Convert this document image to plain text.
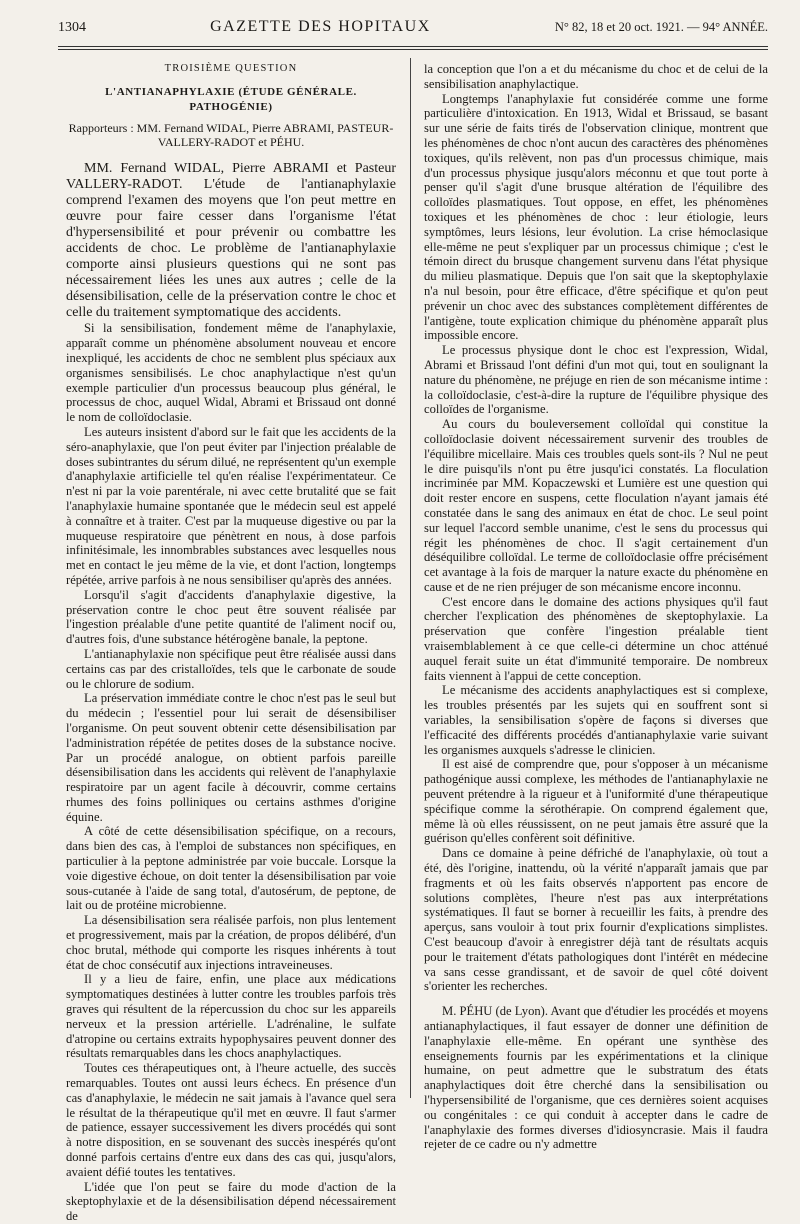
1304	GAZETTE DES HOPITAUX	N° 82, 18 et 20 oct. 1921. — 94° ANNÉE.
TROISIÈME QUESTION
L'ANTIANAPHYLAXIE (ÉTUDE GÉNÉRALE. PATHOGÉNIE)
Rapporteurs : MM. Fernand WIDAL, Pierre ABRAMI, PASTEUR-VALLERY-RADOT et PÉHU.

MM. Fernand WIDAL, Pierre ABRAMI et Pasteur VALLERY-RADOT. L'étude de l'antianaphylaxie comprend l'examen des moyens que l'on peut mettre en œuvre pour faire cesser dans l'organisme l'état d'hypersensibilité et pour prévenir ou combattre les accidents de choc. Le problème de l'antianaphylaxie comporte ainsi plusieurs questions qui ne sont pas nécessairement liées les unes aux autres ; celle de la désensibilisation, celle de la préservation contre le choc et celle du traitement symptomatique des accidents.

Si la sensibilisation, fondement même de l'anaphylaxie, apparaît comme un phénomène absolument nouveau et encore inexpliqué, les accidents de choc ne semblent plus spéciaux aux organismes sensibilisés. Le choc anaphylactique n'est qu'un exemple particulier d'un processus beaucoup plus général, le processus de choc, auquel Widal, Abrami et Brissaud ont donné le nom de colloïdoclasie.

Les auteurs insistent d'abord sur le fait que les accidents de la séro-anaphylaxie, que l'on peut éviter par l'injection préalable de doses subintrantes du sérum dilué, ne représentent qu'un exemple d'anaphylaxie artificielle tel qu'en réalise l'expérimentateur. Ce n'est ni par la voie parentérale, ni avec cette brutalité que se fait l'anaphylaxie humaine spontanée que le médecin seul est appelé à connaître et à traiter. C'est par la muqueuse digestive ou par la muqueuse respiratoire que pénètrent en nous, à dose parfois infinitésimale, les innombrables substances avec lesquelles nous met en contact le jeu même de la vie, et dont l'action, longtemps répétée, arrive parfois à ne nous sensibiliser qu'après des années.

Lorsqu'il s'agit d'accidents d'anaphylaxie digestive, la préservation contre le choc peut être souvent réalisée par l'ingestion préalable d'une petite quantité de l'aliment nocif ou, d'autres fois, d'une substance hétérogène banale, la peptone.

L'antianaphylaxie non spécifique peut être réalisée aussi dans certains cas par des cristalloïdes, tels que le carbonate de soude ou le chlorure de sodium.

La préservation immédiate contre le choc n'est pas le seul but du médecin ; l'essentiel pour lui serait de désensibiliser l'organisme. On peut souvent obtenir cette désensibilisation par l'administration répétée de petites doses de la substance nocive. Par un procédé analogue, on obtient parfois pareille désensibilisation dans les accidents qui relèvent de l'anaphylaxie respiratoire par un agent facile à découvrir, comme certains rhumes des foins polliniques ou certains asthmes d'origine équine.

A côté de cette désensibilisation spécifique, on a recours, dans bien des cas, à l'emploi de substances non spécifiques, en particulier à la peptone administrée par voie buccale. Lorsque la voie digestive échoue, on doit tenter la désensibilisation par voie sous-cutanée à l'aide de sang total, d'autosérum, de peptone, de lait ou de protéine microbienne.

La désensibilisation sera réalisée parfois, non plus lentement et progressivement, mais par la création, de propos délibéré, d'un choc brutal, méthode qui comporte les risques inhérents à tout état de choc consécutif aux injections intraveineuses.

Il y a lieu de faire, enfin, une place aux médications symptomatiques destinées à lutter contre les troubles parfois très graves qui résultent de la répercussion du choc sur les appareils nerveux et la pression artérielle. L'adrénaline, le sulfate d'atropine ou certains extraits hypophysaires peuvent donner des résultats remarquables dans les chocs anaphylactiques.

Toutes ces thérapeutiques ont, à l'heure actuelle, des succès remarquables. Toutes ont aussi leurs échecs. En présence d'un cas d'anaphylaxie, le médecin ne sait jamais à l'avance quel sera le résultat de la thérapeutique qu'il met en œuvre. Il faut s'armer de patience, essayer successivement les divers procédés qui sont à notre disposition, en se souvenant des succès inespérés qu'ont donné parfois certains d'entre eux dans des cas qui, jusqu'alors, avaient défié toutes les tentatives.

L'idée que l'on peut se faire du mode d'action de la skeptophylaxie et de la désensibilisation dépend nécessairement de

la conception que l'on a et du mécanisme du choc et de celui de la sensibilisation anaphylactique.

Longtemps l'anaphylaxie fut considérée comme une forme particulière d'intoxication. En 1913, Widal et Brissaud, se basant sur une série de faits tirés de l'observation clinique, montrent que les phénomènes de choc n'ont aucun des caractères des phénomènes toxiques, qu'ils relèvent, non pas d'un processus chimique, mais d'un processus physique jusqu'alors méconnu et que tout porte à penser qu'il s'agit d'une brusque altération de l'équilibre des colloïdes plasmatiques. Tout oppose, en effet, les phénomènes toxiques et les phénomènes de choc : leur étiologie, leurs symptômes, leurs lésions, leur évolution. La crise hémoclasique elle-même ne peut s'expliquer par un processus chimique ; c'est le témoin direct du brusque changement survenu dans l'état physique du milieu plasmatique. Depuis que l'on sait que la skeptophylaxie n'a nul besoin, pour être efficace, d'être spécifique et qu'on peut prévenir un choc avec des substances complètement différentes de l'antigène, toute explication chimique du phénomène apparaît plus impossible encore.

Le processus physique dont le choc est l'expression, Widal, Abrami et Brissaud l'ont défini d'un mot qui, tout en soulignant la nature du phénomène, ne préjuge en rien de son mécanisme intime : la colloïdoclasie, c'est-à-dire la rupture de l'équilibre physique des colloïdes de l'organisme.

Au cours du bouleversement colloïdal qui constitue la colloïdoclasie doivent nécessairement survenir des troubles de l'équilibre micellaire. Mais ces troubles quels sont-ils ? Nul ne peut le dire puisqu'ils n'ont pu être jusqu'ici constatés. La floculation incriminée par MM. Kopaczewski et Lumière est une question qui doit rester encore en suspens, cette floculation n'ayant jamais été constatée dans le sang des animaux en état de choc. Le seul point sur lequel l'accord semble unanime, c'est le sens du processus qui régit les phénomènes de choc. Il s'agit certainement d'un déséquilibre colloïdal. Le terme de colloïdoclasie offre précisément cet avantage à la fois de marquer la nature exacte du phénomène en cause et de ne rien préjuger de son mécanisme encore inconnu.

C'est encore dans le domaine des actions physiques qu'il faut chercher l'explication des phénomènes de skeptophylaxie. La préservation que confère l'ingestion préalable tient vraisemblablement à ce que celle-ci détermine un choc atténué auquel ferait suite un état d'immunité temporaire. De nombreux faits viennent à l'appui de cette conception.

Le mécanisme des accidents anaphylactiques est si complexe, les troubles présentés par les sujets qui en souffrent sont si variables, la sensibilisation s'opère de façons si diverses que l'efficacité des différents procédés d'antianaphylaxie varie suivant les organismes auxquels s'adresse le clinicien.

Il est aisé de comprendre que, pour s'opposer à un mécanisme pathogénique aussi complexe, les méthodes de l'antianaphylaxie ne peuvent prétendre à la rigueur et à l'uniformité d'une thérapeutique spécifique comme la sérothérapie. On comprend également que, même là où elles réussissent, on ne peut jamais être assuré que la guérison qu'elles confèrent soit définitive.

Dans ce domaine à peine défriché de l'anaphylaxie, où tout a été, dès l'origine, inattendu, où la vérité n'apparaît jamais que par fragments et où les faits observés n'apportent pas encore de solutions complètes, l'heure n'est pas aux interprétations systématiques. Il faut se borner à recueillir les faits, à prendre des aperçus, sans vouloir à tout prix fournir d'explications simplistes. C'est beaucoup d'avoir à enregistrer déjà tant de résultats acquis pour le traitement d'états pathologiques dont l'intérêt en médecine va sans cesse grandissant, et de savoir de quel côté doivent s'orienter les recherches.

M. PÉHU (de Lyon). Avant que d'étudier les procédés et moyens antianaphylactiques, il faut essayer de donner une définition de l'anaphylaxie elle-même. En opérant une synthèse des enseignements fournis par les expérimentations et la clinique humaine, on peut admettre que le substratum des états anaphylactiques doit être cherché dans la sensibilisation ou l'hypersensibilité de l'organisme, que ces dernières soient acquises ou congénitales : ce qui conduit à accepter dans le cadre de l'anaphylaxie des formes diverses d'idiosyncrasie. Mais il faudra rejeter de ce cadre ou n'y admettre
